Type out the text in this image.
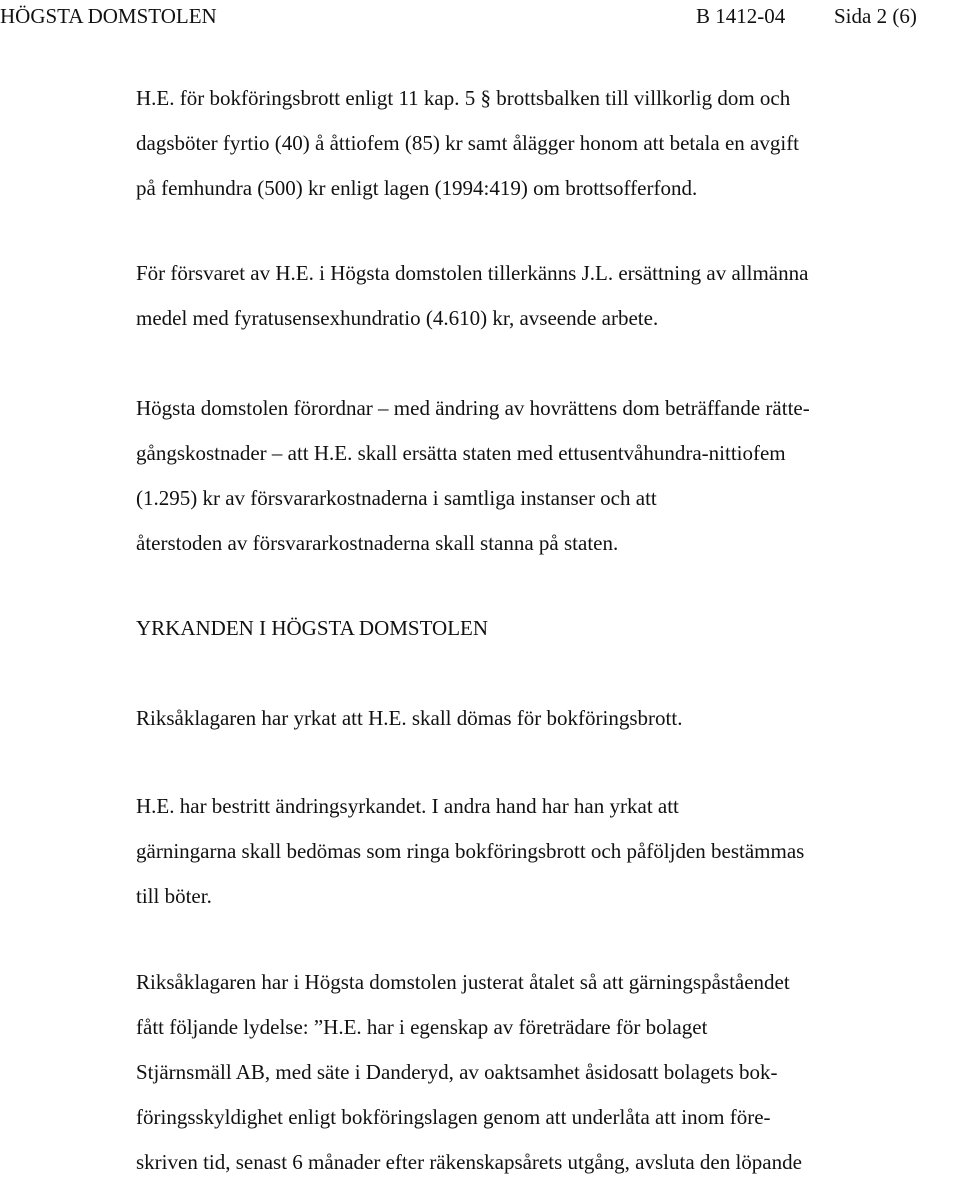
HÖGSTA DOMSTOLEN	B 1412-04 Sida 2 (6)
H.E. för bokföringsbrott enligt 11 kap. 5 § brottsbalken till villkorlig dom och
dagsböter fyrtio (40) å åttiofem (85) kr samt ålägger honom att betala en avgift
på femhundra (500) kr enligt lagen (1994:419) om brottsofferfond.
För försvaret av H.E. i Högsta domstolen tillerkänns J.L. ersättning av allmänna
medel med fyratusensexhundratio (4.610) kr, avseende arbete.
Högsta domstolen förordnar – med ändring av hovrättens dom beträffande rätte-
gångskostnader – att H.E. skall ersätta staten med ettusentvåhundra-nittiofem
(1.295) kr av försvararkostnaderna i samtliga instanser och att
återstoden av försvararkostnaderna skall stanna på staten.
YRKANDEN I HÖGSTA DOMSTOLEN
Riksåklagaren har yrkat att H.E. skall dömas för bokföringsbrott.
H.E. har bestritt ändringsyrkandet. I andra hand har han yrkat att
gärningarna skall bedömas som ringa bokföringsbrott och påföljden bestämmas
till böter.
Riksåklagaren har i Högsta domstolen justerat åtalet så att gärningspåståendet
fått följande lydelse: ”H.E. har i egenskap av företrädare för bolaget
Stjärnsmäll AB, med säte i Danderyd, av oaktsamhet åsidosatt bolagets bok-
föringsskyldighet enligt bokföringslagen genom att underlåta att inom före-
skriven tid, senast 6 månader efter räkenskapsårets utgång, avsluta den löpande
